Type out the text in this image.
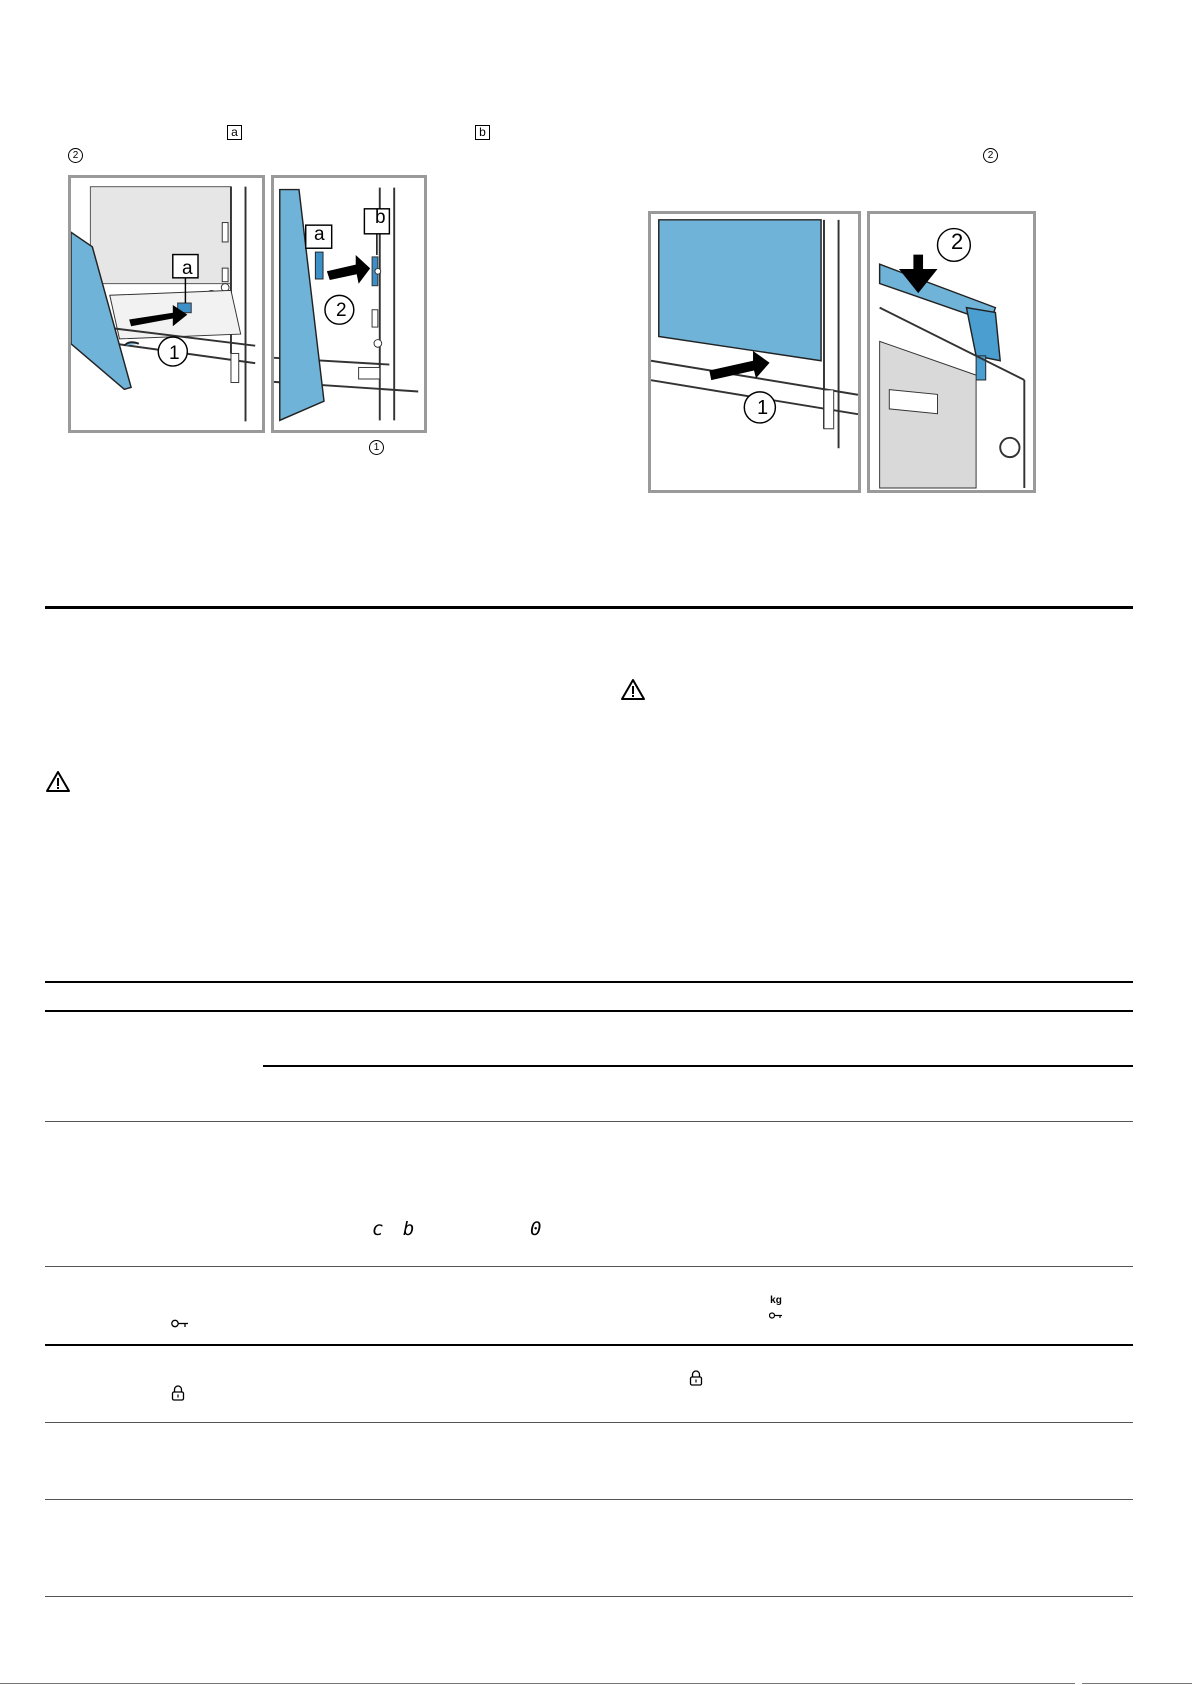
a	b
2	2
1
a
1
a
b
2
1
2
c b	0
kg
